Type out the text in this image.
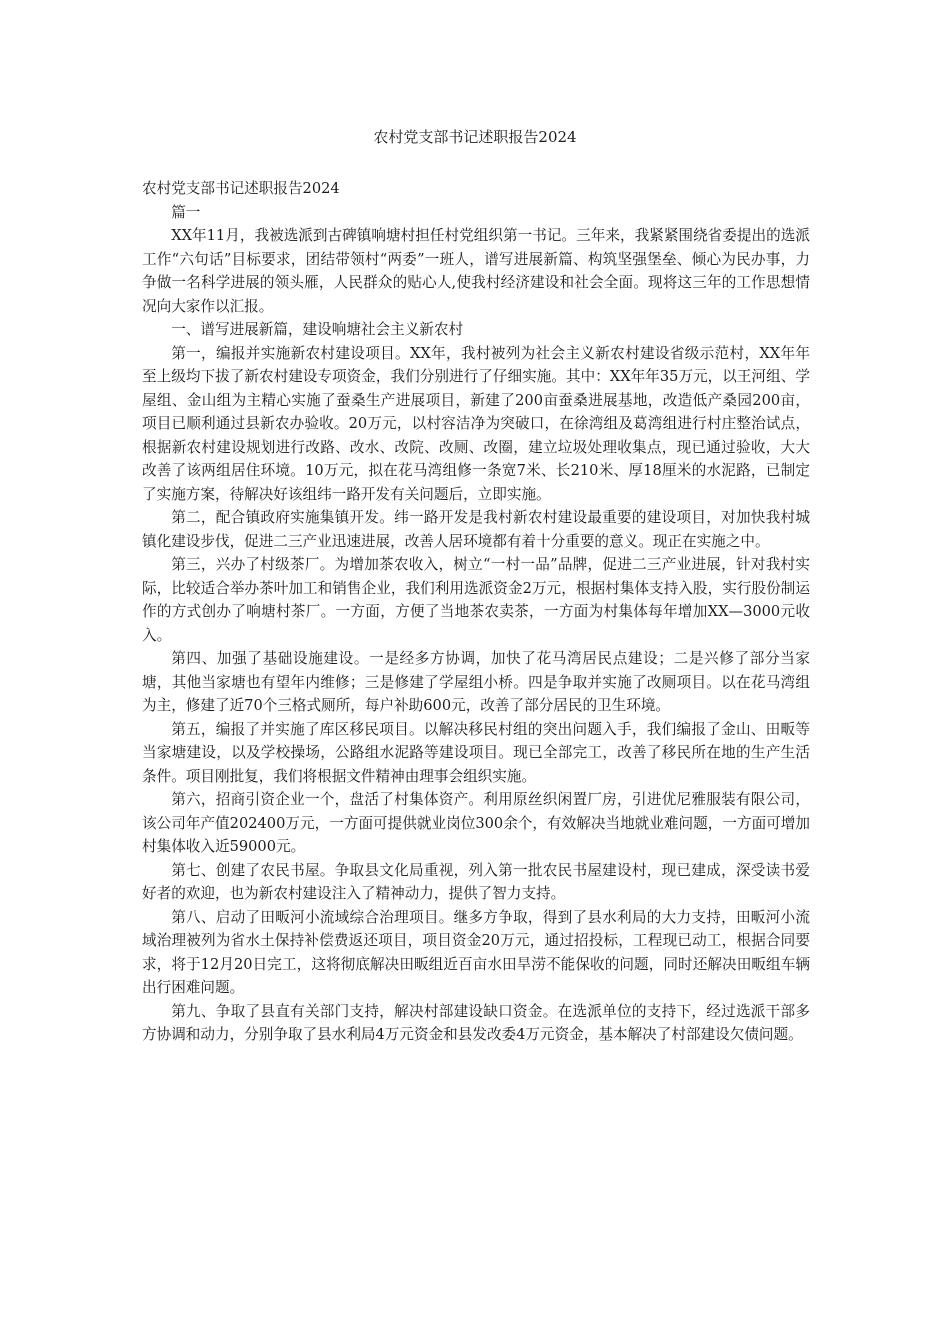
农村党支部书记述职报告2024

农村党支部书记述职报告2024

篇一

XX年11月，我被选派到古碑镇响塘村担任村党组织第一书记。三年来，我紧紧围绕省委提出的选派工作“六句话”目标要求，团结带领村“两委”一班人，谱写进展新篇、构筑坚强堡垒、倾心为民办事，力争做一名科学进展的领头雁，人民群众的贴心人,使我村经济建设和社会全面。现将这三年的工作思想情况向大家作以汇报。

一、谱写进展新篇，建设响塘社会主义新农村

第一，编报并实施新农村建设项目。XX年，我村被列为社会主义新农村建设省级示范村，XX年年至上级均下拔了新农村建设专项资金，我们分别进行了仔细实施。其中：XX年年35万元，以王河组、学屋组、金山组为主精心实施了蚕桑生产进展项目，新建了200亩蚕桑进展基地，改造低产桑园200亩，项目已顺利通过县新农办验收。20万元，以村容洁净为突破口，在徐湾组及葛湾组进行村庄整治试点，根据新农村建设规划进行改路、改水、改院、改厕、改圈，建立垃圾处理收集点，现已通过验收，大大改善了该两组居住环境。10万元，拟在花马湾组修一条宽7米、长210米、厚18厘米的水泥路，已制定了实施方案，待解决好该组纬一路开发有关问题后，立即实施。

第二，配合镇政府实施集镇开发。纬一路开发是我村新农村建设最重要的建设项目，对加快我村城镇化建设步伐，促进二三产业迅速进展，改善人居环境都有着十分重要的意义。现正在实施之中。

第三，兴办了村级茶厂。为增加茶农收入，树立“一村一品”品牌，促进二三产业进展，针对我村实际，比较适合举办茶叶加工和销售企业，我们利用选派资金2万元，根据村集体支持入股，实行股份制运作的方式创办了响塘村茶厂。一方面，方便了当地茶农卖茶，一方面为村集体每年增加XX—3000元收入。

第四、加强了基础设施建设。一是经多方协调，加快了花马湾居民点建设；二是兴修了部分当家塘，其他当家塘也有望年内维修；三是修建了学屋组小桥。四是争取并实施了改厕项目。以在花马湾组为主，修建了近70个三格式厕所，每户补助600元，改善了部分居民的卫生环境。

第五，编报了并实施了库区移民项目。以解决移民村组的突出问题入手，我们编报了金山、田畈等当家塘建设，以及学校操场，公路组水泥路等建设项目。现已全部完工，改善了移民所在地的生产生活条件。项目刚批复，我们将根据文件精神由理事会组织实施。

第六，招商引资企业一个，盘活了村集体资产。利用原丝织闲置厂房，引进优尼雅服装有限公司，该公司年产值202400万元，一方面可提供就业岗位300余个，有效解决当地就业难问题，一方面可增加村集体收入近59000元。

第七、创建了农民书屋。争取县文化局重视，列入第一批农民书屋建设村，现已建成，深受读书爱好者的欢迎，也为新农村建设注入了精神动力，提供了智力支持。

第八、启动了田畈河小流域综合治理项目。继多方争取，得到了县水利局的大力支持，田畈河小流域治理被列为省水土保持补偿费返还项目，项目资金20万元，通过招投标，工程现已动工，根据合同要求，将于12月20日完工，这将彻底解决田畈组近百亩水田旱涝不能保收的问题，同时还解决田畈组车辆出行困难问题。

第九、争取了县直有关部门支持，解决村部建设缺口资金。在选派单位的支持下，经过选派干部多方协调和动力，分别争取了县水利局4万元资金和县发改委4万元资金，基本解决了村部建设欠债问题。
